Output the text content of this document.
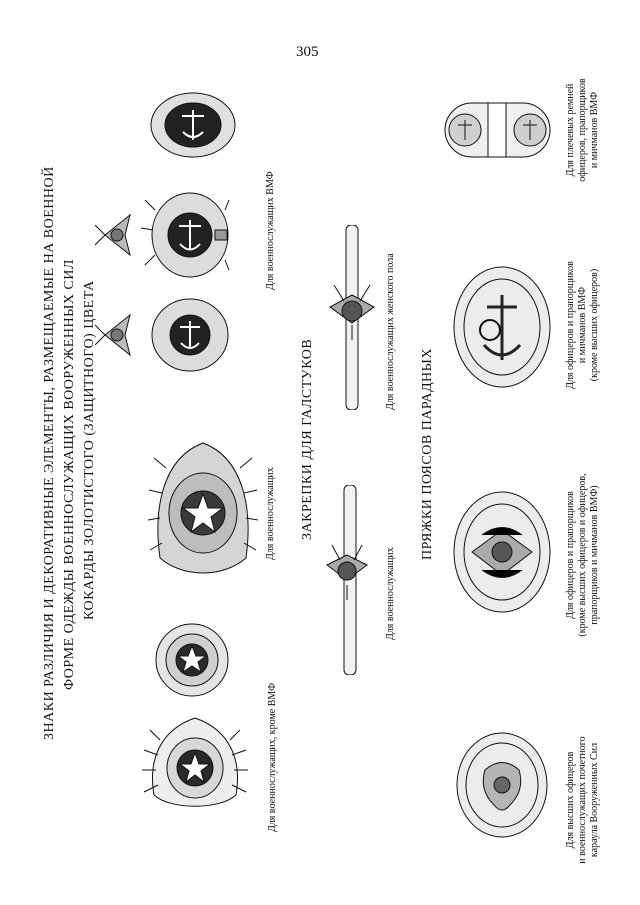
305
ЗНАКИ РАЗЛИЧИЯ И ДЕКОРАТИВНЫЕ ЭЛЕМЕНТЫ, РАЗМЕЩАЕМЫЕ НА ВОЕННОЙ ФОРМЕ ОДЕЖДЫ ВОЕННОСЛУЖАЩИХ ВООРУЖЕННЫХ СИЛ КОКАРДЫ ЗОЛОТИСТОГО (ЗАЩИТНОГО) ЦВЕТА
Для военнослужащих, кроме ВМФ
Для военнослужащих
Для военнослужащих ВМФ
ЗАКРЕПКИ ДЛЯ ГАЛСТУКОВ
Для военнослужащих
Для военнослужащих женского пола
ПРЯЖКИ ПОЯСОВ ПАРАДНЫХ
Для высших офицеров и военнослужащих почетного караула Вооруженных Сил
Для офицеров и прапорщиков (кроме высших офицеров и офицеров, прапорщиков и мичманов ВМФ)
Для офицеров и прапорщиков и мичманов ВМФ (кроме высших офицеров)
Для плечевых ремней офицеров, прапорщиков и мичманов ВМФ
